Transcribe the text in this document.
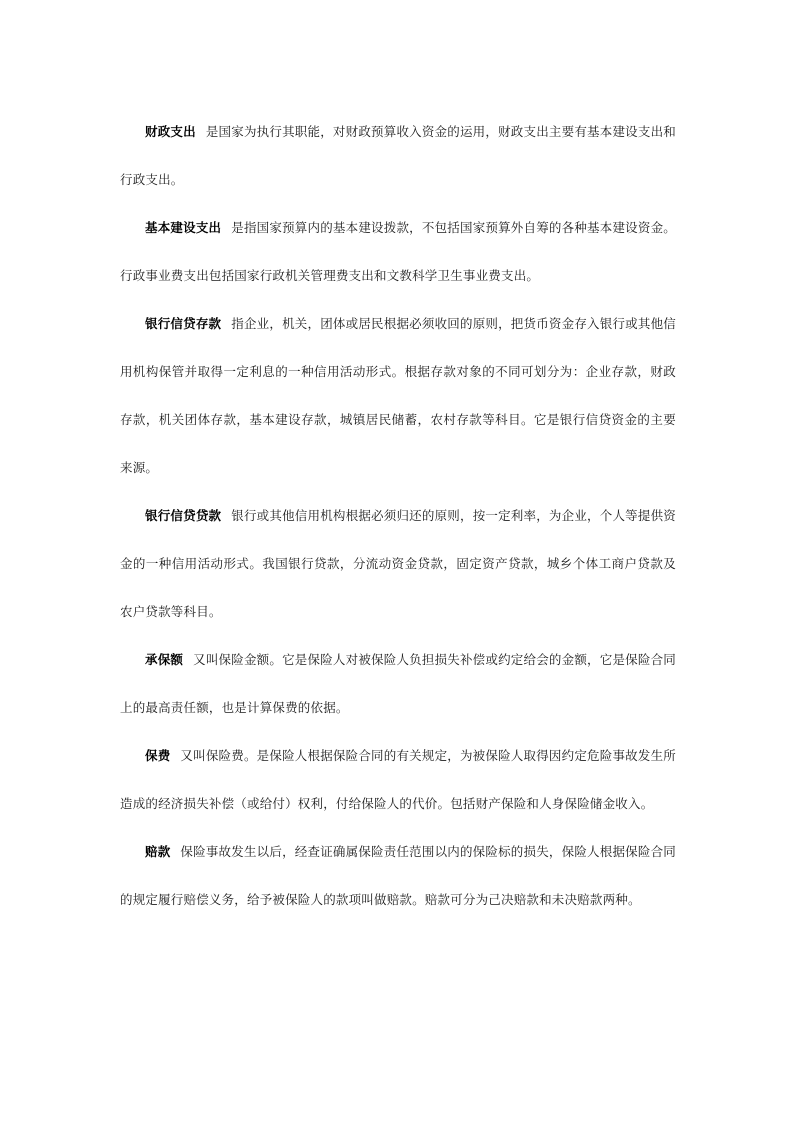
财政支出 是国家为执行其职能，对财政预算收入资金的运用，财政支出主要有基本建设支出和行政支出。

基本建设支出 是指国家预算内的基本建设拨款，不包括国家预算外自筹的各种基本建设资金。行政事业费支出包括国家行政机关管理费支出和文教科学卫生事业费支出。

银行信贷存款 指企业，机关，团体或居民根据必须收回的原则，把货币资金存入银行或其他信用机构保管并取得一定利息的一种信用活动形式。根据存款对象的不同可划分为：企业存款，财政存款，机关团体存款，基本建设存款，城镇居民储蓄，农村存款等科目。它是银行信贷资金的主要来源。

银行信贷贷款 银行或其他信用机构根据必须归还的原则，按一定利率，为企业，个人等提供资金的一种信用活动形式。我国银行贷款，分流动资金贷款，固定资产贷款，城乡个体工商户贷款及农户贷款等科目。

承保额 又叫保险金额。它是保险人对被保险人负担损失补偿或约定给会的金额，它是保险合同上的最高责任额，也是计算保费的依据。

保费 又叫保险费。是保险人根据保险合同的有关规定，为被保险人取得因约定危险事故发生所造成的经济损失补偿（或给付）权利，付给保险人的代价。包括财产保险和人身保险储金收入。

赔款 保险事故发生以后，经查证确属保险责任范围以内的保险标的损失，保险人根据保险合同的规定履行赔偿义务，给予被保险人的款项叫做赔款。赔款可分为己决赔款和未决赔款两种。
